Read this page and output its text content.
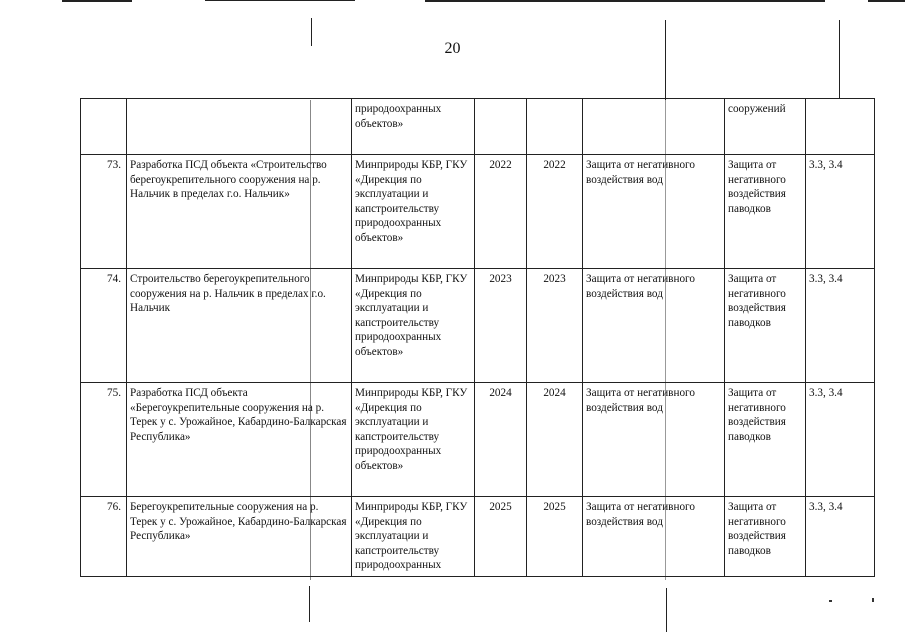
20
		природоохранных объектов»				сооружений	
73.	Разработка ПСД объекта «Строительство берегоукрепительного сооружения на р. Нальчик в пределах г.о. Нальчик»	Минприроды КБР, ГКУ «Дирекция по эксплуатации и капстроительству природоохранных объектов»	2022	2022	Защита от негативного воздействия вод	Защита от негативного воздействия паводков	3.3, 3.4
74.	Строительство берегоукрепительного сооружения на р. Нальчик в пределах г.о. Нальчик	Минприроды КБР, ГКУ «Дирекция по эксплуатации и капстроительству природоохранных объектов»	2023	2023	Защита от негативного воздействия вод	Защита от негативного воздействия паводков	3.3, 3.4
75.	Разработка ПСД объекта «Берегоукрепительные сооружения на р. Терек у с. Урожайное, Кабардино-Балкарская Республика»	Минприроды КБР, ГКУ «Дирекция по эксплуатации и капстроительству природоохранных объектов»	2024	2024	Защита от негативного воздействия вод	Защита от негативного воздействия паводков	3.3, 3.4
76.	Берегоукрепительные сооружения на р. Терек у с. Урожайное, Кабардино-Балкарская Республика»	Минприроды КБР, ГКУ «Дирекция по эксплуатации и капстроительству природоохранных	2025	2025	Защита от негативного воздействия вод	Защита от негативного воздействия паводков	3.3, 3.4
